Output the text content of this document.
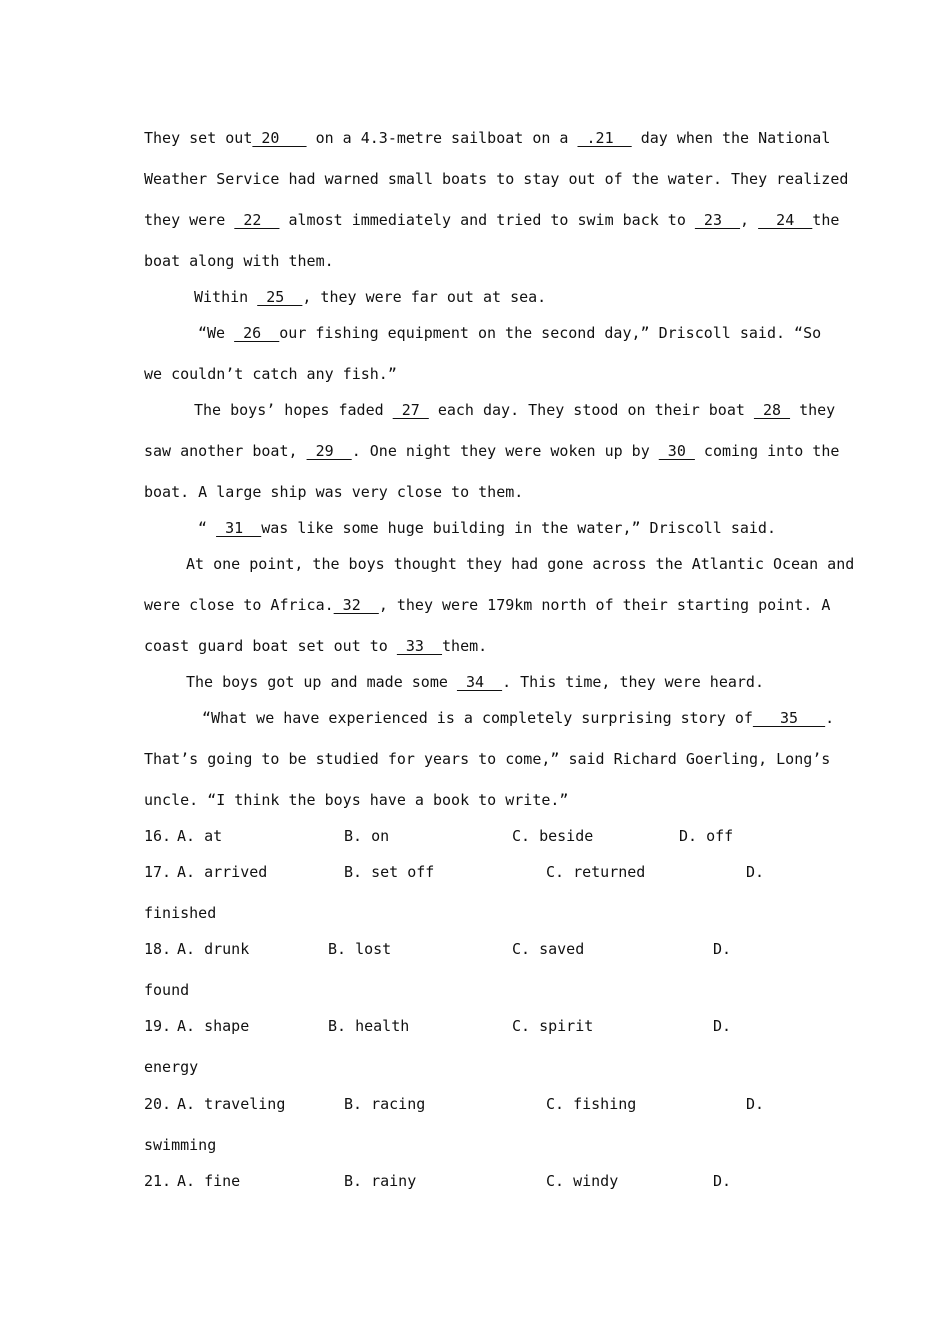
They set out 20    on a 4.3-metre sailboat on a  .21   day when the National
Weather Service had warned small boats to stay out of the water. They realized
they were  22   almost immediately and tried to swim back to  23  ,   24  the
boat along with them.
Within  25  , they were far out at sea.
“We  26  our fishing equipment on the second day,” Driscoll said. “So
we couldn’t catch any fish.”
The boys’ hopes faded  27  each day. They stood on their boat  28  they
saw another boat,  29  . One night they were woken up by  30  coming into the
boat. A large ship was very close to them.
“  31  was like some huge building in the water,” Driscoll said.
At one point, the boys thought they had gone across the Atlantic Ocean and
were close to Africa. 32  , they were 179km north of their starting point. A
coast guard boat set out to  33  them.
The boys got up and made some  34  . This time, they were heard.
“What we have experienced is a completely surprising story of   35   .
That’s going to be studied for years to come,” said Richard Goerling, Long’s
uncle. “I think the boys have a book to write.”
16. A. at	B. on	C. beside	D. off
17. A. arrived	B. set off	C. returned	D.
finished
18. A. drunk	B. lost	C. saved	D.
found
19. A. shape	B. health	C. spirit	D.
energy
20. A. traveling	B. racing	C. fishing	D.
swimming
21. A. fine	B. rainy	C. windy	D.
